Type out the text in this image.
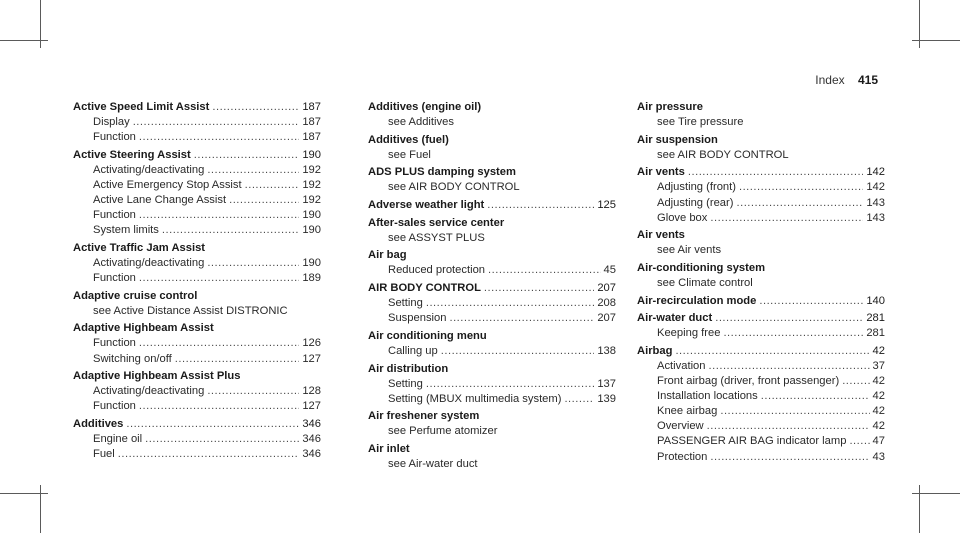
Index 415
Active Speed Limit Assist .....	187
Display .....	187
Function .....	187
Active Steering Assist .....	190
Activating/deactivating .....	192
Active Emergency Stop Assist .....	192
Active Lane Change Assist .....	192
Function .....	190
System limits .....	190
Active Traffic Jam Assist
Activating/deactivating .....	190
Function .....	189
Adaptive cruise control
see Active Distance Assist DISTRONIC
Adaptive Highbeam Assist
Function .....	126
Switching on/off .....	127
Adaptive Highbeam Assist Plus
Activating/deactivating .....	128
Function .....	127
Additives .....	346
Engine oil .....	346
Fuel .....	346
Additives (engine oil)
see Additives
Additives (fuel)
see Fuel
ADS PLUS damping system
see AIR BODY CONTROL
Adverse weather light .....	125
After-sales service center
see ASSYST PLUS
Air bag
Reduced protection .....	45
AIR BODY CONTROL .....	207
Setting .....	208
Suspension .....	207
Air conditioning menu
Calling up .....	138
Air distribution
Setting .....	137
Setting (MBUX multimedia system) .....	139
Air freshener system
see Perfume atomizer
Air inlet
see Air-water duct
Air pressure
see Tire pressure
Air suspension
see AIR BODY CONTROL
Air vents .....	142
Adjusting (front) .....	142
Adjusting (rear) .....	143
Glove box .....	143
Air vents
see Air vents
Air-conditioning system
see Climate control
Air-recirculation mode .....	140
Air-water duct .....	281
Keeping free .....	281
Airbag .....	42
Activation .....	37
Front airbag (driver, front passenger) .....	42
Installation locations .....	42
Knee airbag .....	42
Overview .....	42
PASSENGER AIR BAG indicator lamp ..... 47
Protection .....	43
